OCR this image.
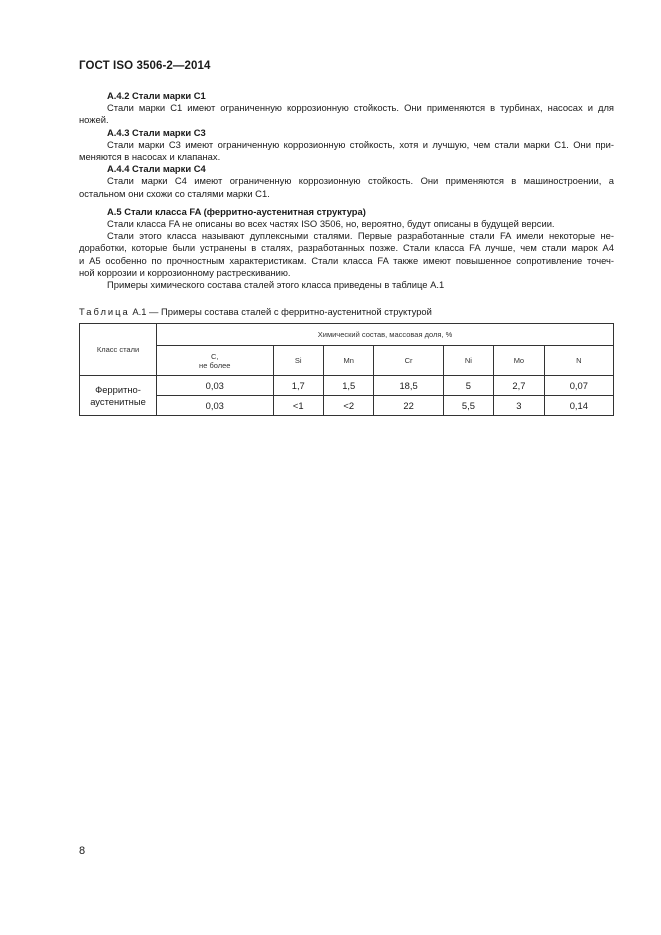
ГОСТ ISO 3506-2—2014

А.4.2 Стали марки С1

Стали марки С1 имеют ограниченную коррозионную стойкость. Они применяются в турбинах, насосах и для

ножей.

А.4.3 Стали марки С3

Стали марки С3 имеют ограниченную коррозионную стойкость, хотя и лучшую, чем стали марки С1. Они при-

меняются в насосах и клапанах.

А.4.4 Стали марки С4

Стали марки С4 имеют ограниченную коррозионную стойкость. Они применяются в машиностроении, а

остальном они схожи со сталями марки С1.

А.5 Стали класса FA (ферритно-аустенитная структура)

Стали класса FA не описаны во всех частях ISO 3506, но, вероятно, будут описаны в будущей версии.

Стали этого класса называют дуплексными сталями. Первые разработанные стали FA имели некоторые не-

доработки, которые были устранены в сталях, разработанных позже. Стали класса FA лучше, чем стали марок А4

и А5 особенно по прочностным характеристикам. Стали класса FA также имеют повышенное сопротивление точеч-

ной коррозии и коррозионному растрескиванию.

Примеры химического состава сталей этого класса приведены в таблице А.1

Таблица А.1 — Примеры состава сталей с ферритно-аустенитной структурой
Класс стали	Химический состав, массовая доля, %						
	C,
не более	Si	Mn	Cr	Ni	Mo	N
Ферритно-
аустенитные	0,03	1,7	1,5	18,5	5	2,7	0,07
	0,03	<1	<2	22	5,5	3	0,14
8
